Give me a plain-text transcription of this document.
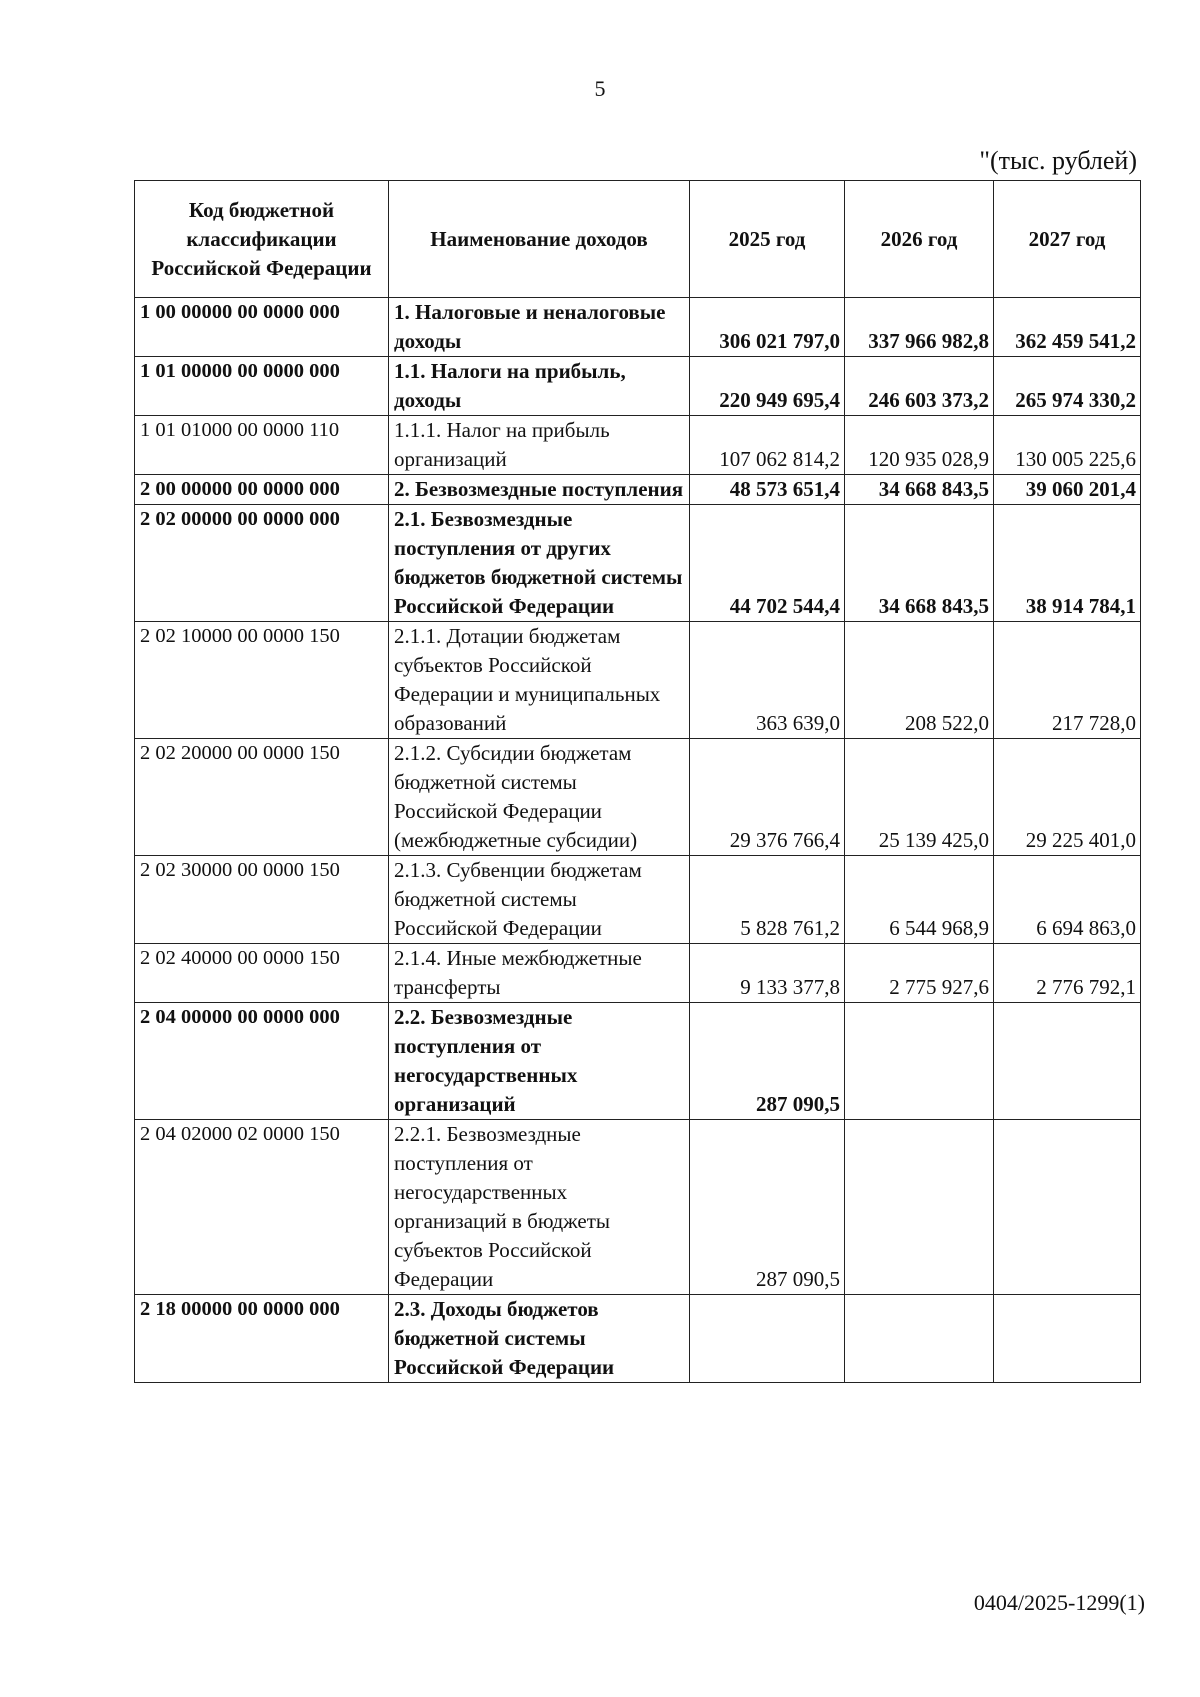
5
"(тыс. рублей)
Код бюджетной классификации Российской Федерации	Наименование доходов	2025 год	2026 год	2027 год
1 00 00000 00 0000 000	1. Налоговые и неналоговые доходы	306 021 797,0	337 966 982,8	362 459 541,2
1 01 00000 00 0000 000	1.1. Налоги на прибыль, доходы	220 949 695,4	246 603 373,2	265 974 330,2
1 01 01000 00 0000 110	1.1.1. Налог на прибыль организаций	107 062 814,2	120 935 028,9	130 005 225,6
2 00 00000 00 0000 000	2. Безвозмездные поступления	48 573 651,4	34 668 843,5	39 060 201,4
2 02 00000 00 0000 000	2.1. Безвозмездные поступления от других бюджетов бюджетной системы Российской Федерации	44 702 544,4	34 668 843,5	38 914 784,1
2 02 10000 00 0000 150	2.1.1. Дотации бюджетам субъектов Российской Федерации и муниципальных образований	363 639,0	208 522,0	217 728,0
2 02 20000 00 0000 150	2.1.2. Субсидии бюджетам бюджетной системы Российской Федерации (межбюджетные субсидии)	29 376 766,4	25 139 425,0	29 225 401,0
2 02 30000 00 0000 150	2.1.3. Субвенции бюджетам бюджетной системы Российской Федерации	5 828 761,2	6 544 968,9	6 694 863,0
2 02 40000 00 0000 150	2.1.4. Иные межбюджетные трансферты	9 133 377,8	2 775 927,6	2 776 792,1
2 04 00000 00 0000 000	2.2. Безвозмездные поступления от негосударственных организаций	287 090,5		
2 04 02000 02 0000 150	2.2.1. Безвозмездные поступления от негосударственных организаций в бюджеты субъектов Российской Федерации	287 090,5		
2 18 00000 00 0000 000	2.3. Доходы бюджетов бюджетной системы Российской Федерации			
0404/2025-1299(1)
